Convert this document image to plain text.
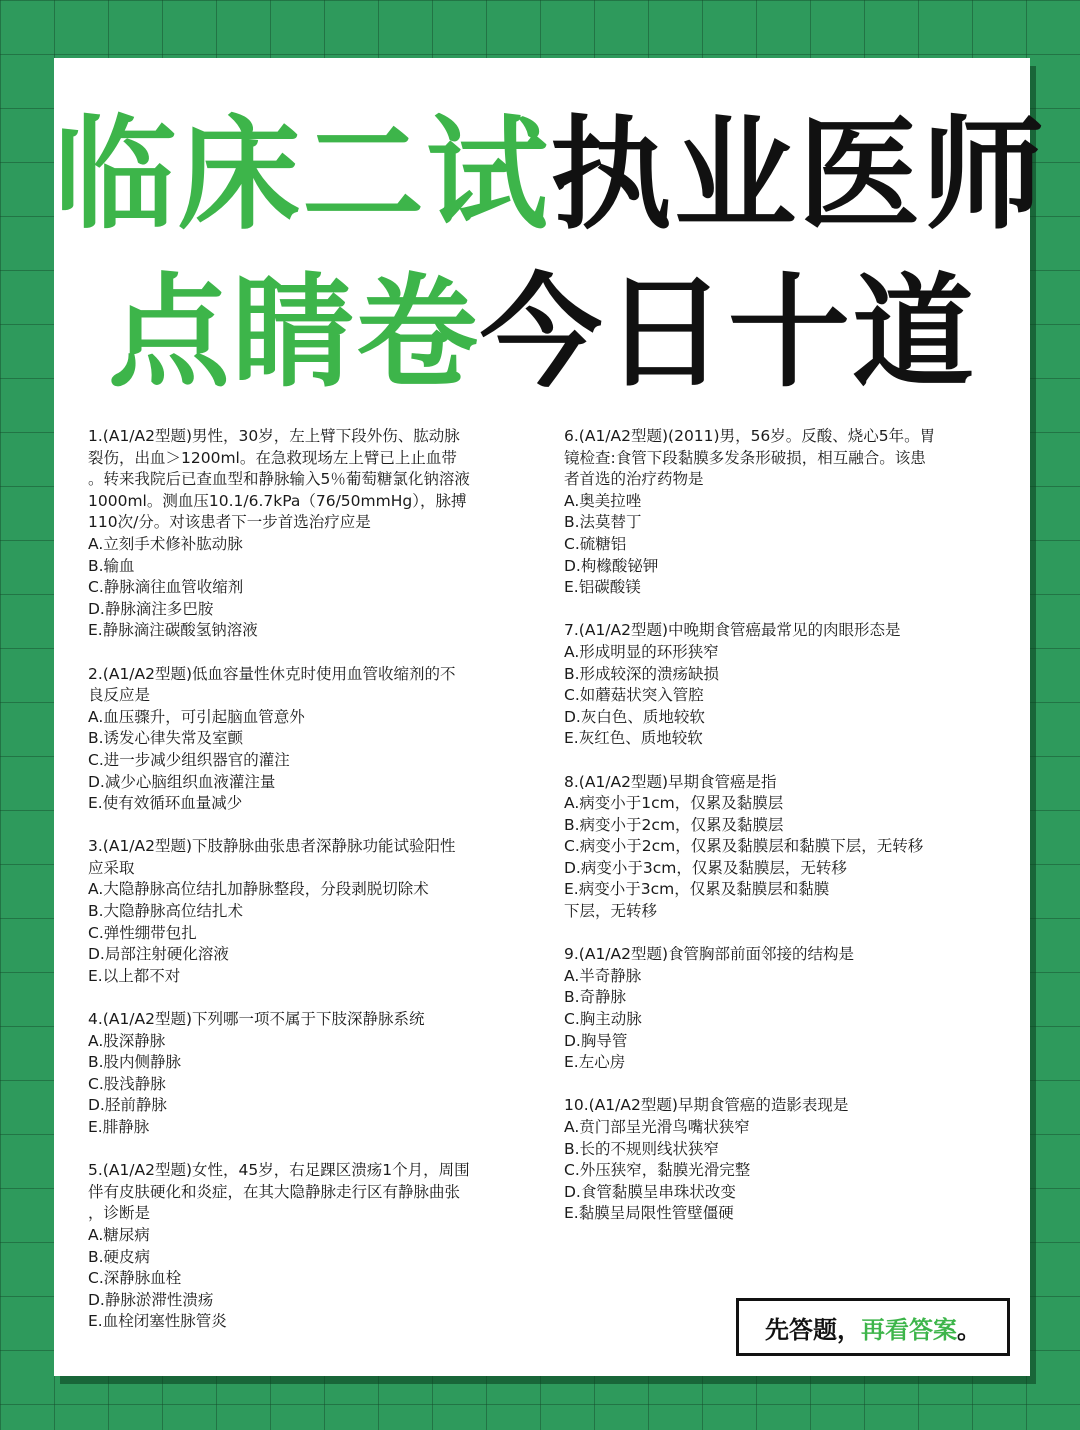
临床二试执业医师
点睛卷今日十道
1.(A1/A2型题)男性，30岁，左上臂下段外伤、肱动脉
裂伤，出血＞1200ml。在急救现场左上臂已上止血带
。转来我院后已查血型和静脉输入5％葡萄糖氯化钠溶液
1000ml。测血压10.1/6.7kPa（76/50mmHg），脉搏
110次/分。对该患者下一步首选治疗应是
A.立刻手术修补肱动脉
B.输血
C.静脉滴往血管收缩剂
D.静脉滴注多巴胺
E.静脉滴注碳酸氢钠溶液
2.(A1/A2型题)低血容量性休克时使用血管收缩剂的不
良反应是
A.血压骤升，可引起脑血管意外
B.诱发心律失常及室颤
C.进一步减少组织器官的灌注
D.减少心脑组织血液灌注量
E.使有效循环血量减少
3.(A1/A2型题)下肢静脉曲张患者深静脉功能试验阳性
应采取
A.大隐静脉高位结扎加静脉整段，分段剥脱切除术
B.大隐静脉高位结扎术
C.弹性绷带包扎
D.局部注射硬化溶液
E.以上都不对
4.(A1/A2型题)下列哪一项不属于下肢深静脉系统
A.股深静脉
B.股内侧静脉
C.股浅静脉
D.胫前静脉
E.腓静脉
5.(A1/A2型题)女性，45岁，右足踝区溃疡1个月，周围
伴有皮肤硬化和炎症，在其大隐静脉走行区有静脉曲张
，诊断是
A.糖尿病
B.硬皮病
C.深静脉血栓
D.静脉淤滞性溃疡
E.血栓闭塞性脉管炎
6.(A1/A2型题)(2011)男，56岁。反酸、烧心5年。胃
镜检查:食管下段黏膜多发条形破损，相互融合。该患
者首选的治疗药物是
A.奥美拉唑
B.法莫替丁
C.硫糖铝
D.枸橼酸铋钾
E.铝碳酸镁
7.(A1/A2型题)中晚期食管癌最常见的肉眼形态是
A.形成明显的环形狭窄
B.形成较深的溃疡缺损
C.如蘑菇状突入管腔
D.灰白色、质地较软
E.灰红色、质地较软
8.(A1/A2型题)早期食管癌是指
A.病变小于1cm，仅累及黏膜层
B.病变小于2cm，仅累及黏膜层
C.病变小于2cm，仅累及黏膜层和黏膜下层，无转移
D.病变小于3cm，仅累及黏膜层，无转移
E.病变小于3cm，仅累及黏膜层和黏膜
下层，无转移
9.(A1/A2型题)食管胸部前面邻接的结构是
A.半奇静脉
B.奇静脉
C.胸主动脉
D.胸导管
E.左心房
10.(A1/A2型题)早期食管癌的造影表现是
A.贲门部呈光滑鸟嘴状狭窄
B.长的不规则线状狭窄
C.外压狭窄，黏膜光滑完整
D.食管黏膜呈串珠状改变
E.黏膜呈局限性管壁僵硬
先答题， 再看答案 。
